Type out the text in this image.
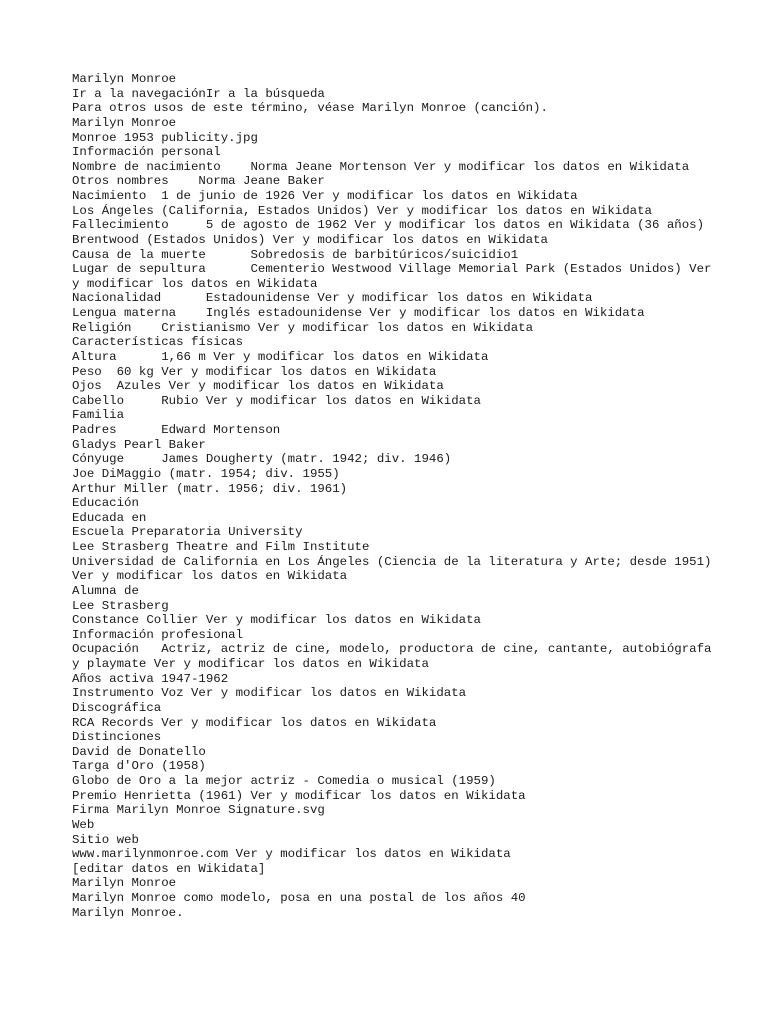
Marilyn Monroe

Ir a la navegaciónIr a la búsqueda

Para otros usos de este término, véase Marilyn Monroe (canción).

Marilyn Monroe

Monroe 1953 publicity.jpg

Información personal

Nombre de nacimiento    Norma Jeane Mortenson Ver y modificar los datos en Wikidata

Otros nombres    Norma Jeane Baker

Nacimiento  1 de junio de 1926 Ver y modificar los datos en Wikidata

Los Ángeles (California, Estados Unidos) Ver y modificar los datos en Wikidata

Fallecimiento     5 de agosto de 1962 Ver y modificar los datos en Wikidata (36 años)

Brentwood (Estados Unidos) Ver y modificar los datos en Wikidata

Causa de la muerte      Sobredosis de barbitúricos/suicidio1

Lugar de sepultura      Cementerio Westwood Village Memorial Park (Estados Unidos) Ver y modificar los datos en Wikidata

Nacionalidad      Estadounidense Ver y modificar los datos en Wikidata

Lengua materna    Inglés estadounidense Ver y modificar los datos en Wikidata

Religión    Cristianismo Ver y modificar los datos en Wikidata

Características físicas

Altura      1,66 m Ver y modificar los datos en Wikidata

Peso  60 kg Ver y modificar los datos en Wikidata

Ojos  Azules Ver y modificar los datos en Wikidata

Cabello     Rubio Ver y modificar los datos en Wikidata

Familia

Padres      Edward Mortenson

Gladys Pearl Baker

Cónyuge     James Dougherty (matr. 1942; div. 1946)

Joe DiMaggio (matr. 1954; div. 1955)

Arthur Miller (matr. 1956; div. 1961)

Educación

Educada en

Escuela Preparatoria University

Lee Strasberg Theatre and Film Institute

Universidad de California en Los Ángeles (Ciencia de la literatura y Arte; desde 1951) Ver y modificar los datos en Wikidata

Alumna de

Lee Strasberg

Constance Collier Ver y modificar los datos en Wikidata

Información profesional

Ocupación   Actriz, actriz de cine, modelo, productora de cine, cantante, autobiógrafa y playmate Ver y modificar los datos en Wikidata

Años activa 1947-1962

Instrumento Voz Ver y modificar los datos en Wikidata

Discográfica

RCA Records Ver y modificar los datos en Wikidata

Distinciones

David de Donatello

Targa d'Oro (1958)

Globo de Oro a la mejor actriz - Comedia o musical (1959)

Premio Henrietta (1961) Ver y modificar los datos en Wikidata

Firma Marilyn Monroe Signature.svg

Web

Sitio web

www.marilynmonroe.com Ver y modificar los datos en Wikidata

[editar datos en Wikidata]

Marilyn Monroe

Marilyn Monroe como modelo, posa en una postal de los años 40

Marilyn Monroe.
